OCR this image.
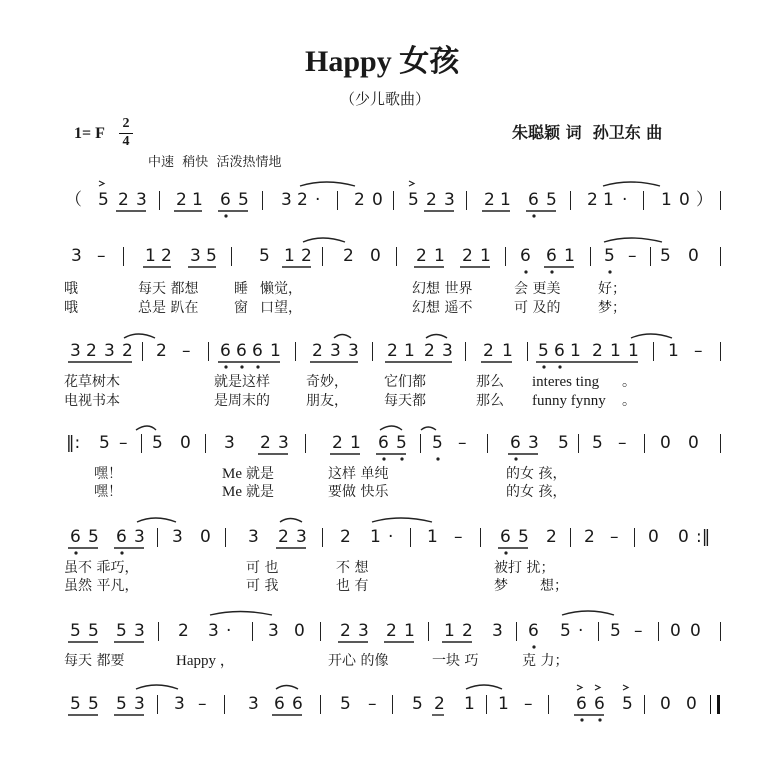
Happy 女孩
（少儿歌曲）
1= F
2
4	朱聪颖 词  孙卫东 曲
中速  稍快  活泼热情地
（ 5 2 3 2 1 6 5 3 2 · 2 0 5 2 3 2 1 6 5 2 1 · 1 0 ）
3 – 1 2 3 5 5 1 2 2 0 2 1 2 1 6 6 1 5 – 5 0
3 2 3 2 2 – 6 6 6 1 2 3 3 2 1 2 3 2 1 5 6 1 2 1 1 1 –
‖: 5 – 5 0 3 2 3	2 1 6 5 5 –	6 3 5 5 – 0 0
6 5 6 3 3 0 3 2 3 2 1 · 1 – 6 5 2 2 – 0 0 :‖
5 5 5 3 2 3 · 3 0 2 3 2 1 1 2 3 6 5 · 5 – 0 0
5 5 5 3 3 – 3 6 6 5 – 5 2 1 1 –	6 6 5 0 0
哦	每天 都想	睡 懒觉，	幻想 世界	会 更美	好；
哦	总是 趴在	窗 口望，	幻想 遥不	可 及的	梦；
花草树木	就是这样	奇妙，	它们都	那么 interes ting 。
电视书本	是周末的	朋友，	每天都	那么 funny fynny 。
嘿！	Me 就是	这样 单纯	的女 孩，
嘿！	Me 就是	要做 快乐	的女 孩，
虽不 乖巧，	可 也	不 想	被打 扰；
虽然 平凡，	可 我	也 有	梦 想；
每天 都要	Happy ，	开心 的像	一块 巧	克 力；
